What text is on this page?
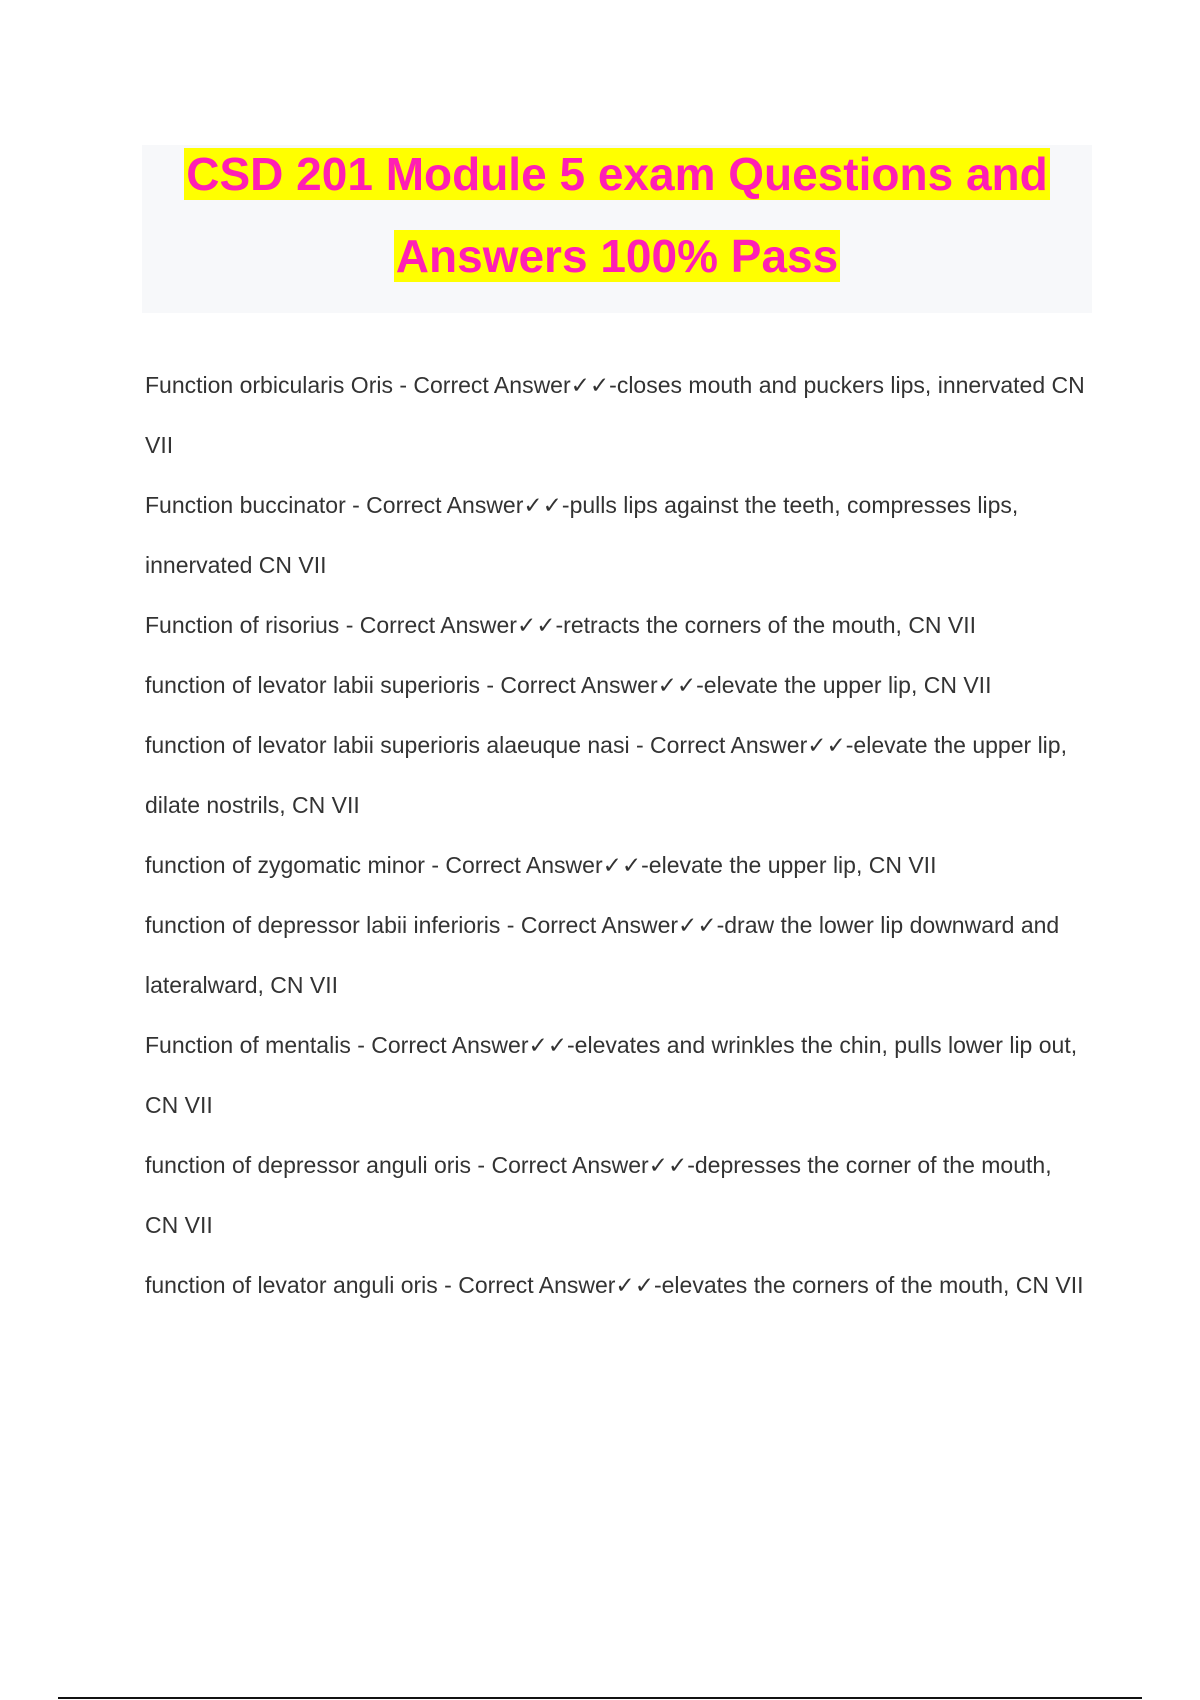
CSD 201 Module 5 exam Questions and
Answers 100% Pass

Function orbicularis Oris - Correct Answer✓✓-closes mouth and puckers lips, innervated CN VII

Function buccinator - Correct Answer✓✓-pulls lips against the teeth, compresses lips, innervated CN VII

Function of risorius - Correct Answer✓✓-retracts the corners of the mouth, CN VII

function of levator labii superioris - Correct Answer✓✓-elevate the upper lip, CN VII

function of levator labii superioris alaeuque nasi - Correct Answer✓✓-elevate the upper lip, dilate nostrils, CN VII

function of zygomatic minor - Correct Answer✓✓-elevate the upper lip, CN VII

function of depressor labii inferioris - Correct Answer✓✓-draw the lower lip downward and lateralward, CN VII

Function of mentalis - Correct Answer✓✓-elevates and wrinkles the chin, pulls lower lip out, CN VII

function of depressor anguli oris - Correct Answer✓✓-depresses the corner of the mouth, CN VII

function of levator anguli oris - Correct Answer✓✓-elevates the corners of the mouth, CN VII
